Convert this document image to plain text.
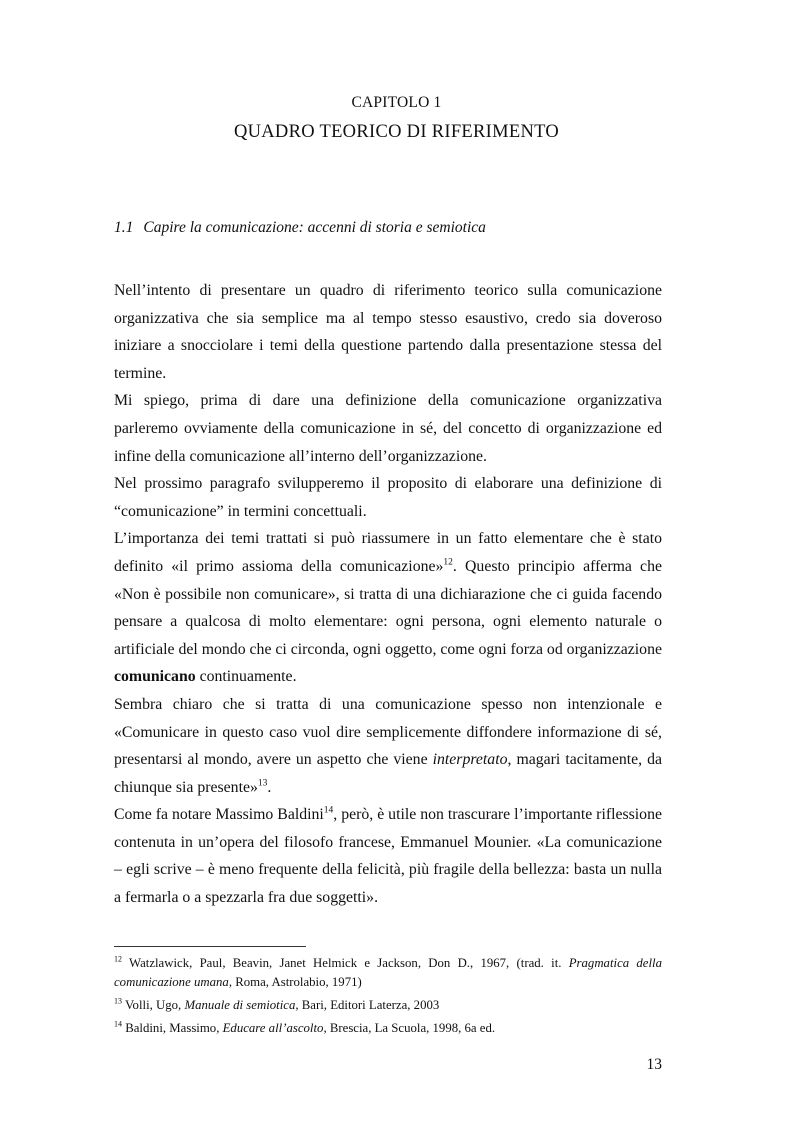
CAPITOLO 1
QUADRO TEORICO DI RIFERIMENTO
1.1 Capire la comunicazione: accenni di storia e semiotica

Nell’intento di presentare un quadro di riferimento teorico sulla comunicazione organizzativa che sia semplice ma al tempo stesso esaustivo, credo sia doveroso iniziare a snocciolare i temi della questione partendo dalla presentazione stessa del termine.

Mi spiego, prima di dare una definizione della comunicazione organizzativa parleremo ovviamente della comunicazione in sé, del concetto di organizzazione ed infine della comunicazione all’interno dell’organizzazione.

Nel prossimo paragrafo svilupperemo il proposito di elaborare una definizione di “comunicazione” in termini concettuali.

L’importanza dei temi trattati si può riassumere in un fatto elementare che è stato definito «il primo assioma della comunicazione»$^{12}$. Questo principio afferma che «Non è possibile non comunicare», si tratta di una dichiarazione che ci guida facendo pensare a qualcosa di molto elementare: ogni persona, ogni elemento naturale o artificiale del mondo che ci circonda, ogni oggetto, come ogni forza od organizzazione comunicano continuamente.

Sembra chiaro che si tratta di una comunicazione spesso non intenzionale e «Comunicare in questo caso vuol dire semplicemente diffondere informazione di sé, presentarsi al mondo, avere un aspetto che viene interpretato, magari tacitamente, da chiunque sia presente»$^{13}$.

Come fa notare Massimo Baldini$^{14}$, però, è utile non trascurare l’importante riflessione contenuta in un’opera del filosofo francese, Emmanuel Mounier. «La comunicazione – egli scrive – è meno frequente della felicità, più fragile della bellezza: basta un nulla a fermarla o a spezzarla fra due soggetti».

$^{12}$ Watzlawick, Paul, Beavin, Janet Helmick e Jackson, Don D., 1967, (trad. it. Pragmatica della comunicazione umana, Roma, Astrolabio, 1971)

$^{13}$ Volli, Ugo, Manuale di semiotica, Bari, Editori Laterza, 2003

$^{14}$ Baldini, Massimo, Educare all’ascolto, Brescia, La Scuola, 1998, 6a ed.

13
